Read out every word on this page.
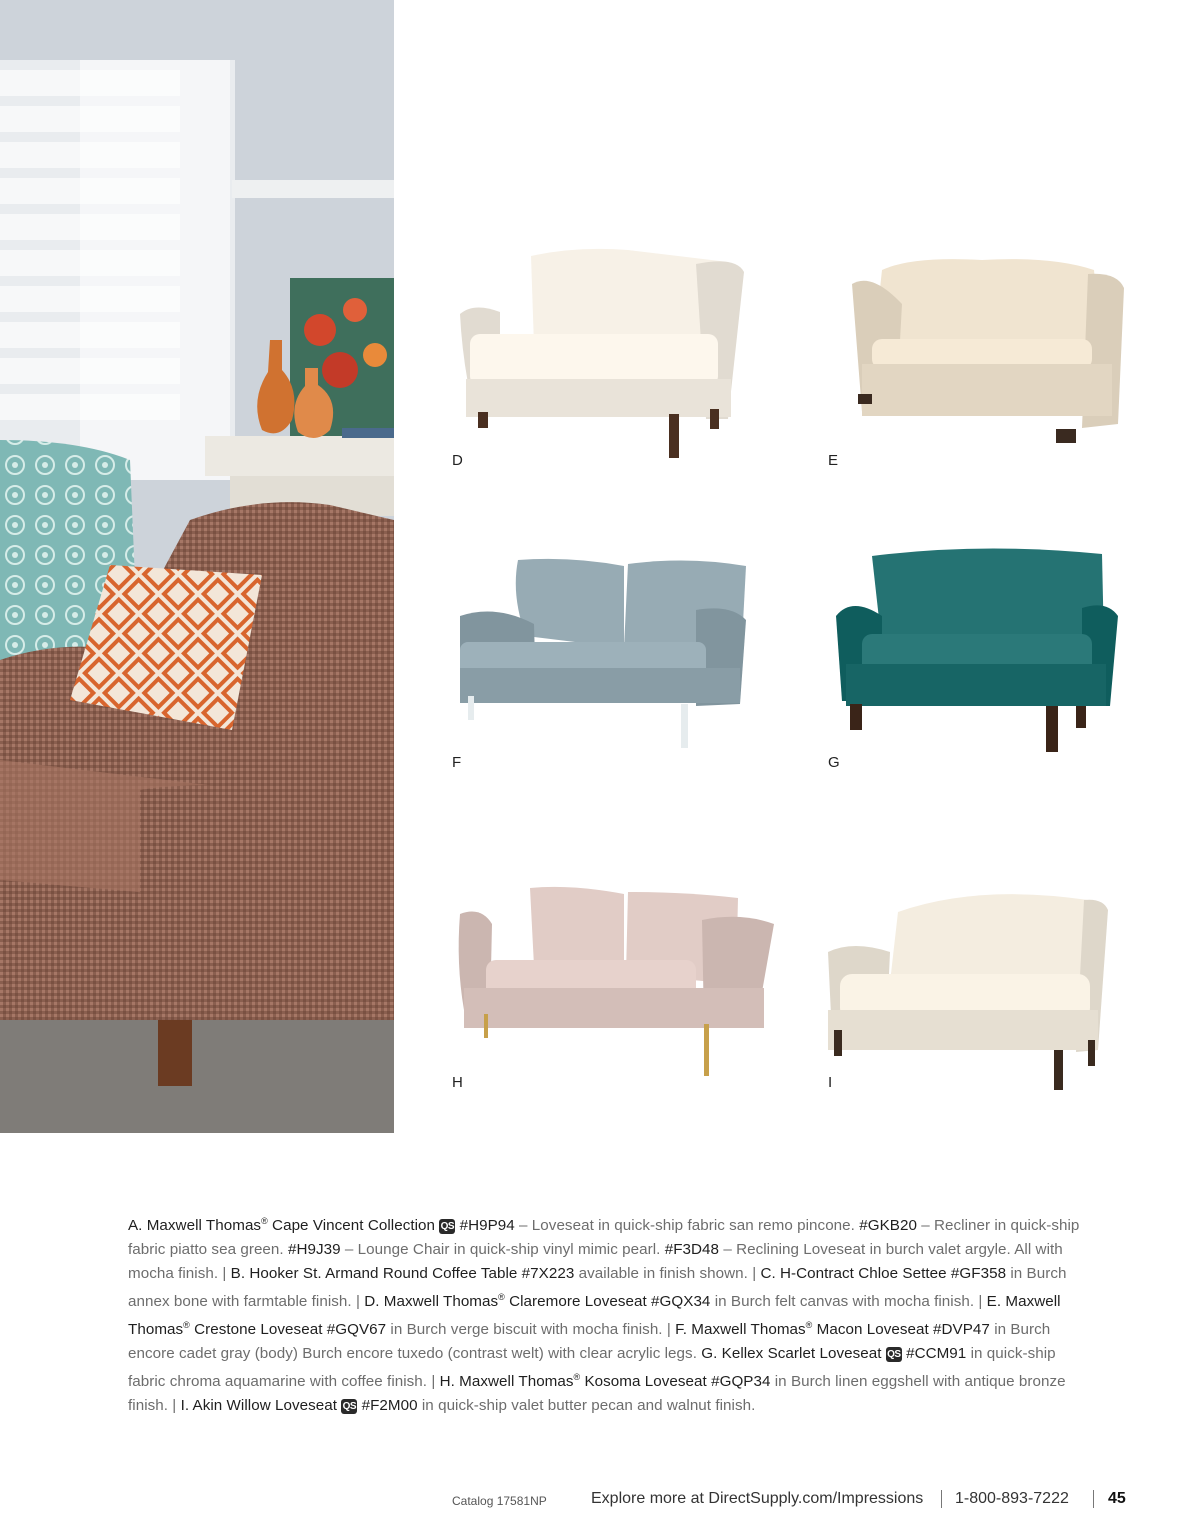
D	E
F	G
H	I
A. Maxwell Thomas® Cape Vincent Collection QS #H9P94 – Loveseat in quick-ship fabric san remo pincone. #GKB20 – Recliner in quick-ship fabric piatto sea green. #H9J39 – Lounge Chair in quick-ship vinyl mimic pearl. #F3D48 – Reclining Loveseat in burch valet argyle. All with mocha finish. | B. Hooker St. Armand Round Coffee Table #7X223 available in finish shown. | C. H-Contract Chloe Settee #GF358 in Burch annex bone with farmtable finish. | D. Maxwell Thomas® Claremore Loveseat #GQX34 in Burch felt canvas with mocha finish. | E. Maxwell Thomas® Crestone Loveseat #GQV67 in Burch verge biscuit with mocha finish. | F. Maxwell Thomas® Macon Loveseat #DVP47 in Burch encore cadet gray (body) Burch encore tuxedo (contrast welt) with clear acrylic legs. G. Kellex Scarlet Loveseat QS #CCM91 in quick-ship fabric chroma aquamarine with coffee finish. | H. Maxwell Thomas® Kosoma Loveseat #GQP34 in Burch linen eggshell with antique bronze finish. | I. Akin Willow Loveseat QS #F2M00 in quick-ship valet butter pecan and walnut finish.
Catalog 17581NP	Explore more at DirectSupply.com/Impressions 1-800-893-7222 45
